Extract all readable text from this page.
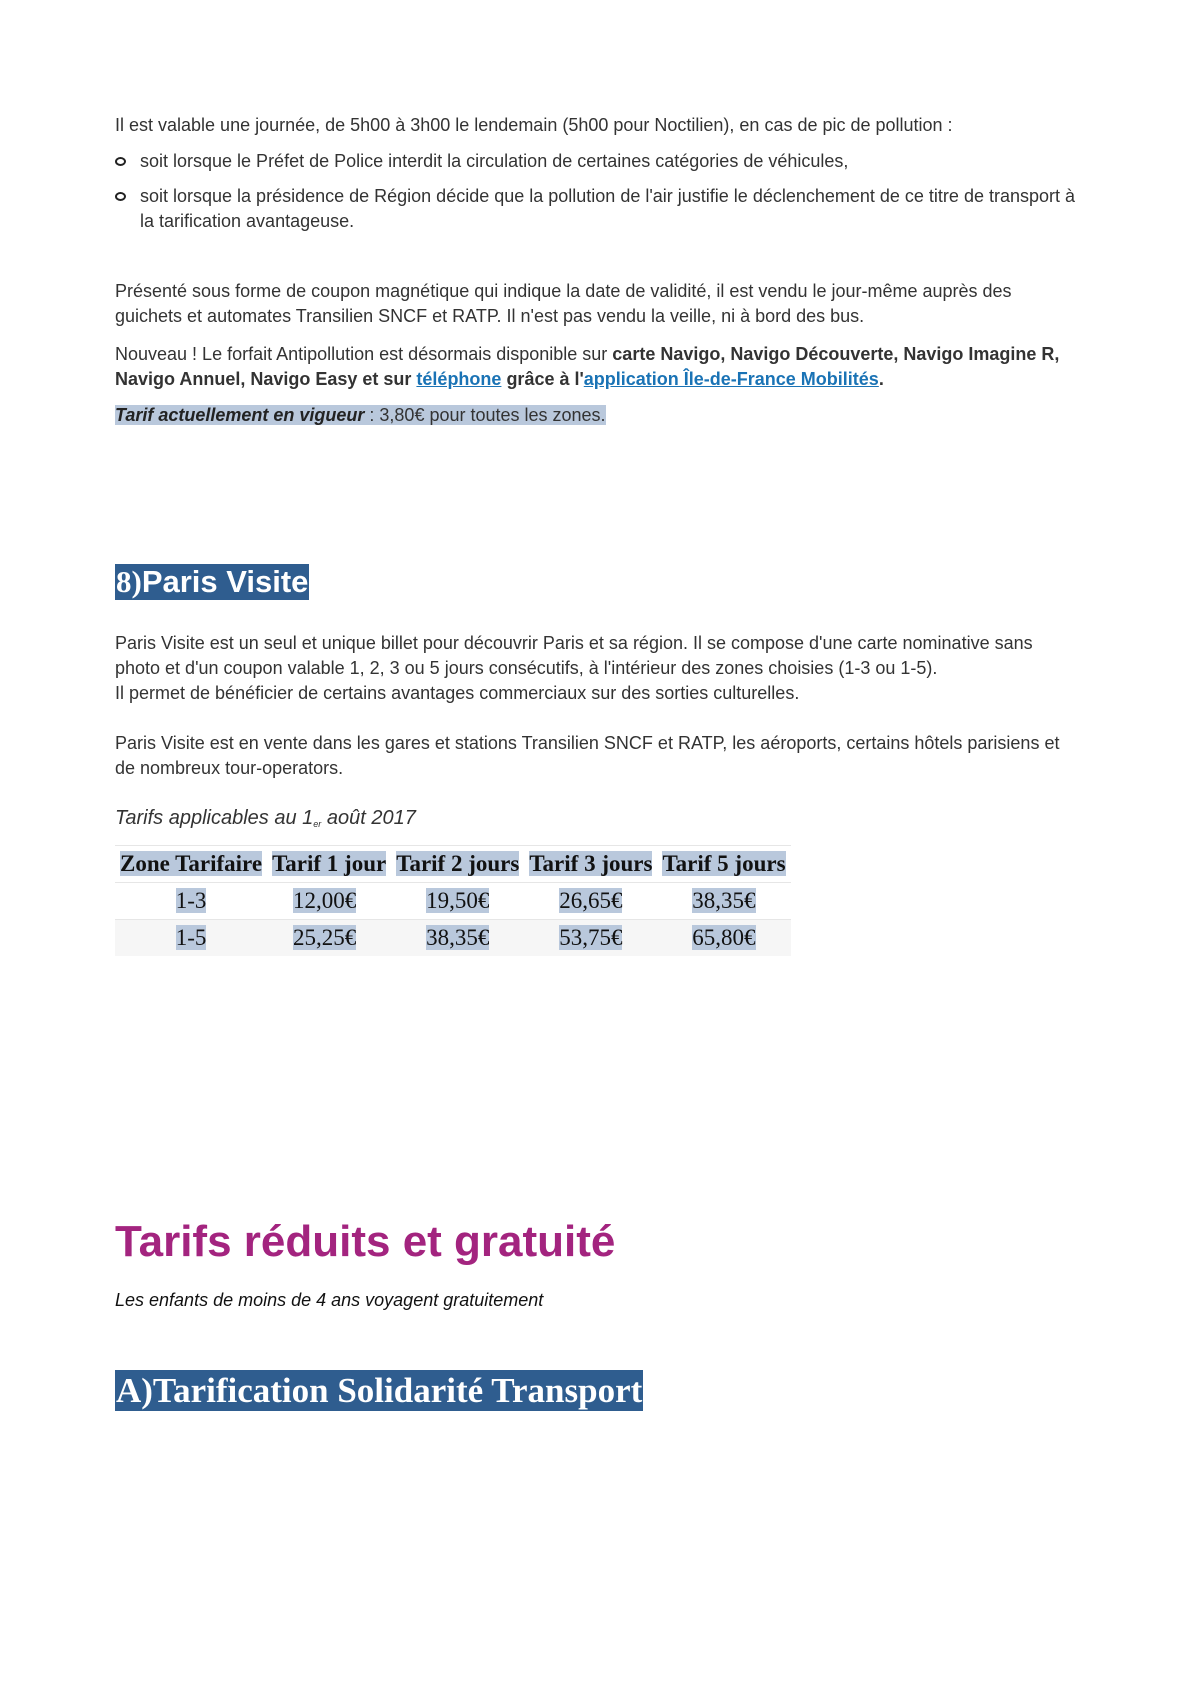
Il est valable une journée, de 5h00 à 3h00 le lendemain (5h00 pour Noctilien), en cas de pic de pollution :

soit lorsque le Préfet de Police interdit la circulation de certaines catégories de véhicules,
soit lorsque la présidence de Région décide que la pollution de l'air justifie le déclenchement de ce titre de transport à la tarification avantageuse.

Présenté sous forme de coupon magnétique qui indique la date de validité, il est vendu le jour-même auprès des guichets et automates Transilien SNCF et RATP. Il n'est pas vendu la veille, ni à bord des bus.

Nouveau ! Le forfait Antipollution est désormais disponible sur carte Navigo, Navigo Découverte, Navigo Imagine R, Navigo Annuel, Navigo Easy et sur téléphone grâce à l'application Île-de-France Mobilités.

Tarif actuellement en vigueur : 3,80€ pour toutes les zones.

8)Paris Visite

Paris Visite est un seul et unique billet pour découvrir Paris et sa région. Il se compose d'une carte nominative sans photo et d'un coupon valable 1, 2, 3 ou 5 jours consécutifs, à l'intérieur des zones choisies (1-3 ou 1-5).

Il permet de bénéficier de certains avantages commerciaux sur des sorties culturelles.

Paris Visite est en vente dans les gares et stations Transilien SNCF et RATP, les aéroports, certains hôtels parisiens et de nombreux tour-operators.

Tarifs applicables au 1er août 2017

Zone Tarifaire	Tarif 1 jour	Tarif 2 jours	Tarif 3 jours	Tarif 5 jours
1-3	12,00€	19,50€	26,65€	38,35€
1-5	25,25€	38,35€	53,75€	65,80€
Tarifs réduits et gratuité

Les enfants de moins de 4 ans voyagent gratuitement

A)Tarification Solidarité Transport
